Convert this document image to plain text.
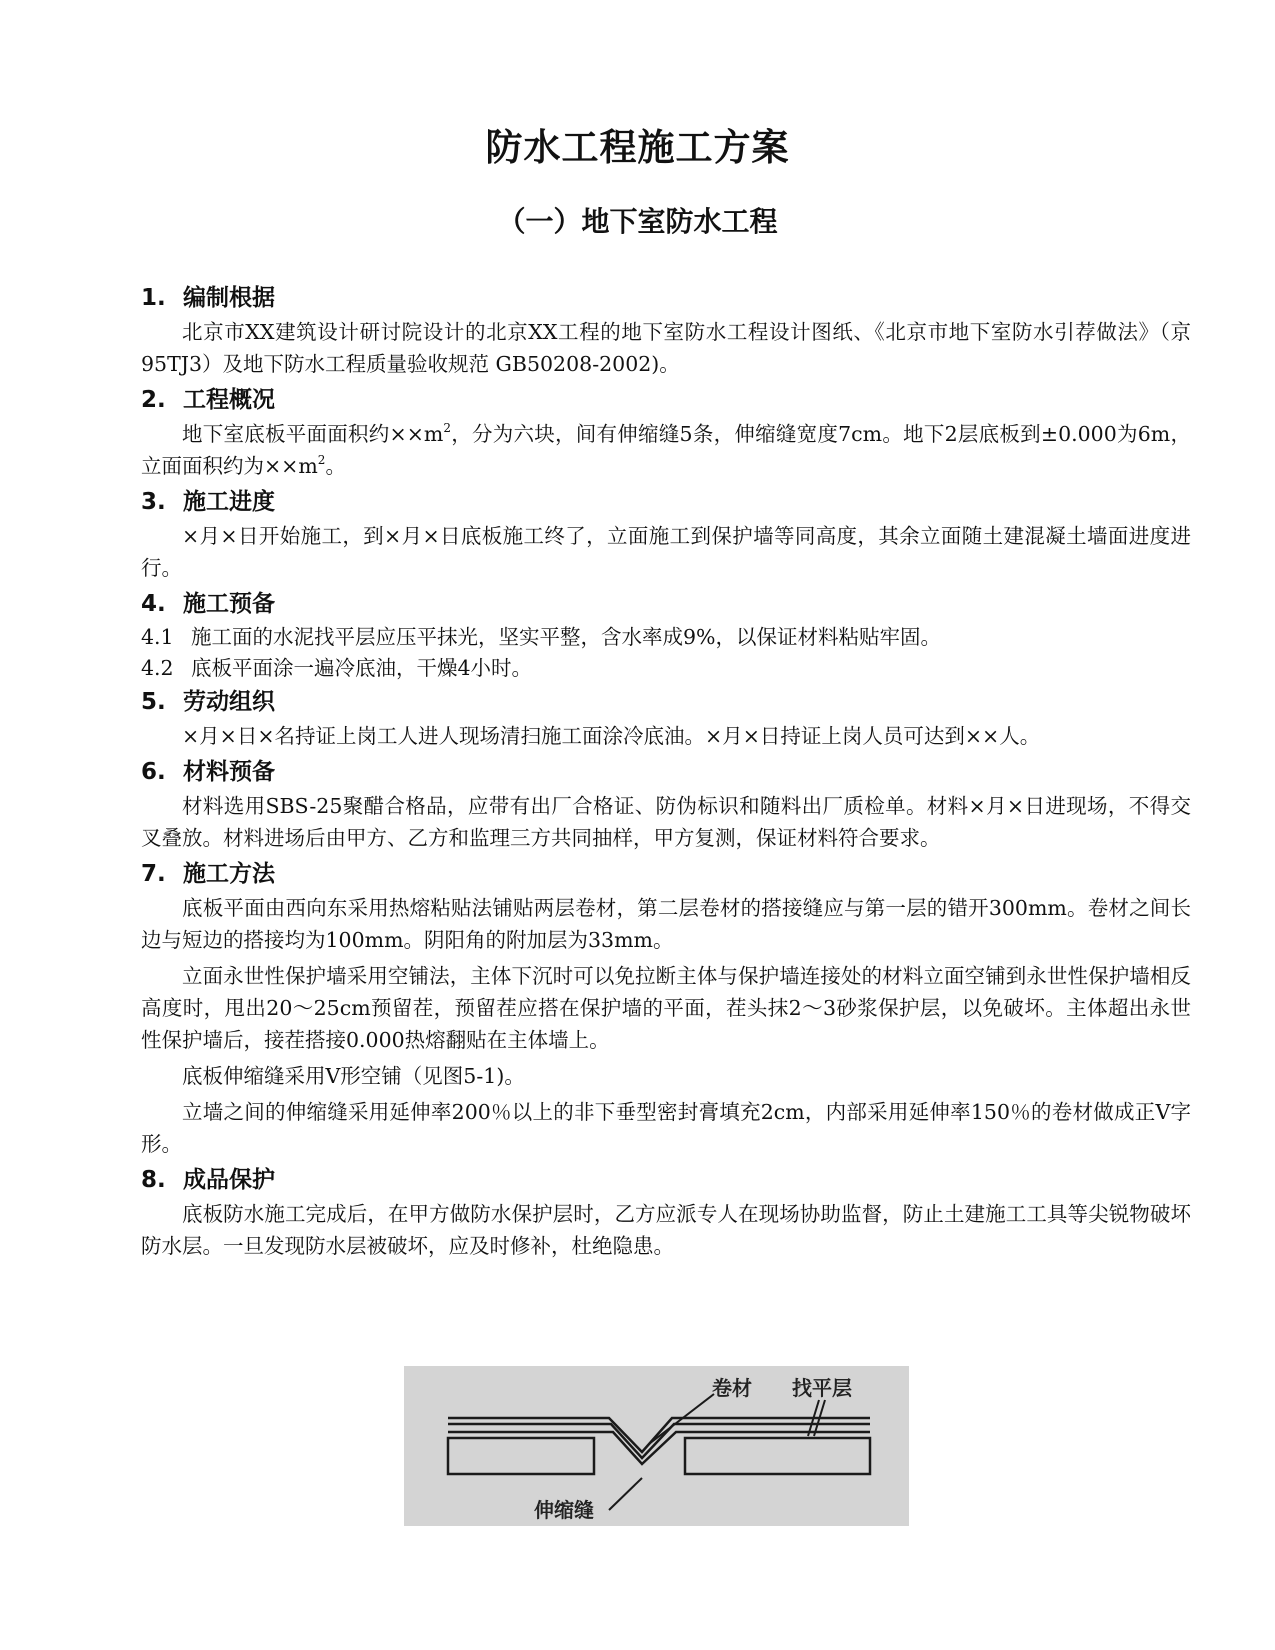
防水工程施工方案
（一）地下室防水工程
1. 编制根据
北京市XX建筑设计研讨院设计的北京XX工程的地下室防水工程设计图纸、《北京市地下室防水引荐做法》（京95TJ3）及地下防水工程质量验收规范 GB50208-2002)。
2. 工程概况
地下室底板平面面积约$\times\times m^2$，分为六块，间有伸缩缝5条，伸缩缝宽度7cm。地下2层底板到±0.000为6m，立面面积约为$\times\times m^2$。
3. 施工进度
×月×日开始施工，到×月×日底板施工终了，立面施工到保护墙等同高度，其余立面随土建混凝土墙面进度进行。
4. 施工预备
4.1 施工面的水泥找平层应压平抹光，坚实平整，含水率成9%，以保证材料粘贴牢固。
4.2 底板平面涂一遍冷底油，干燥4小时。
5. 劳动组织
×月×日×名持证上岗工人进人现场清扫施工面涂冷底油。×月×日持证上岗人员可达到××人。
6. 材料预备
材料选用SBS-25聚醋合格品，应带有出厂合格证、防伪标识和随料出厂质检单。材料×月×日进现场，不得交叉叠放。材料进场后由甲方、乙方和监理三方共同抽样，甲方复测，保证材料符合要求。
7. 施工方法
底板平面由西向东采用热熔粘贴法铺贴两层卷材，第二层卷材的搭接缝应与第一层的错开300mm。卷材之间长边与短边的搭接均为100mm。阴阳角的附加层为33mm。
立面永世性保护墙采用空铺法，主体下沉时可以免拉断主体与保护墙连接处的材料立面空铺到永世性保护墙相反高度时，甩出20～25cm预留茬，预留茬应搭在保护墙的平面，茬头抹2～3砂浆保护层，以免破坏。主体超出永世性保护墙后，接茬搭接0.000热熔翻贴在主体墙上。
底板伸缩缝采用V形空铺（见图5-1)。
立墙之间的伸缩缝采用延伸率200％以上的非下垂型密封膏填充2cm，内部采用延伸率150％的卷材做成正V字形。
8. 成品保护
底板防水施工完成后，在甲方做防水保护层时，乙方应派专人在现场协助监督，防止土建施工工具等尖锐物破坏防水层。一旦发现防水层被破坏，应及时修补，杜绝隐患。
卷材 找平层
伸缩缝
